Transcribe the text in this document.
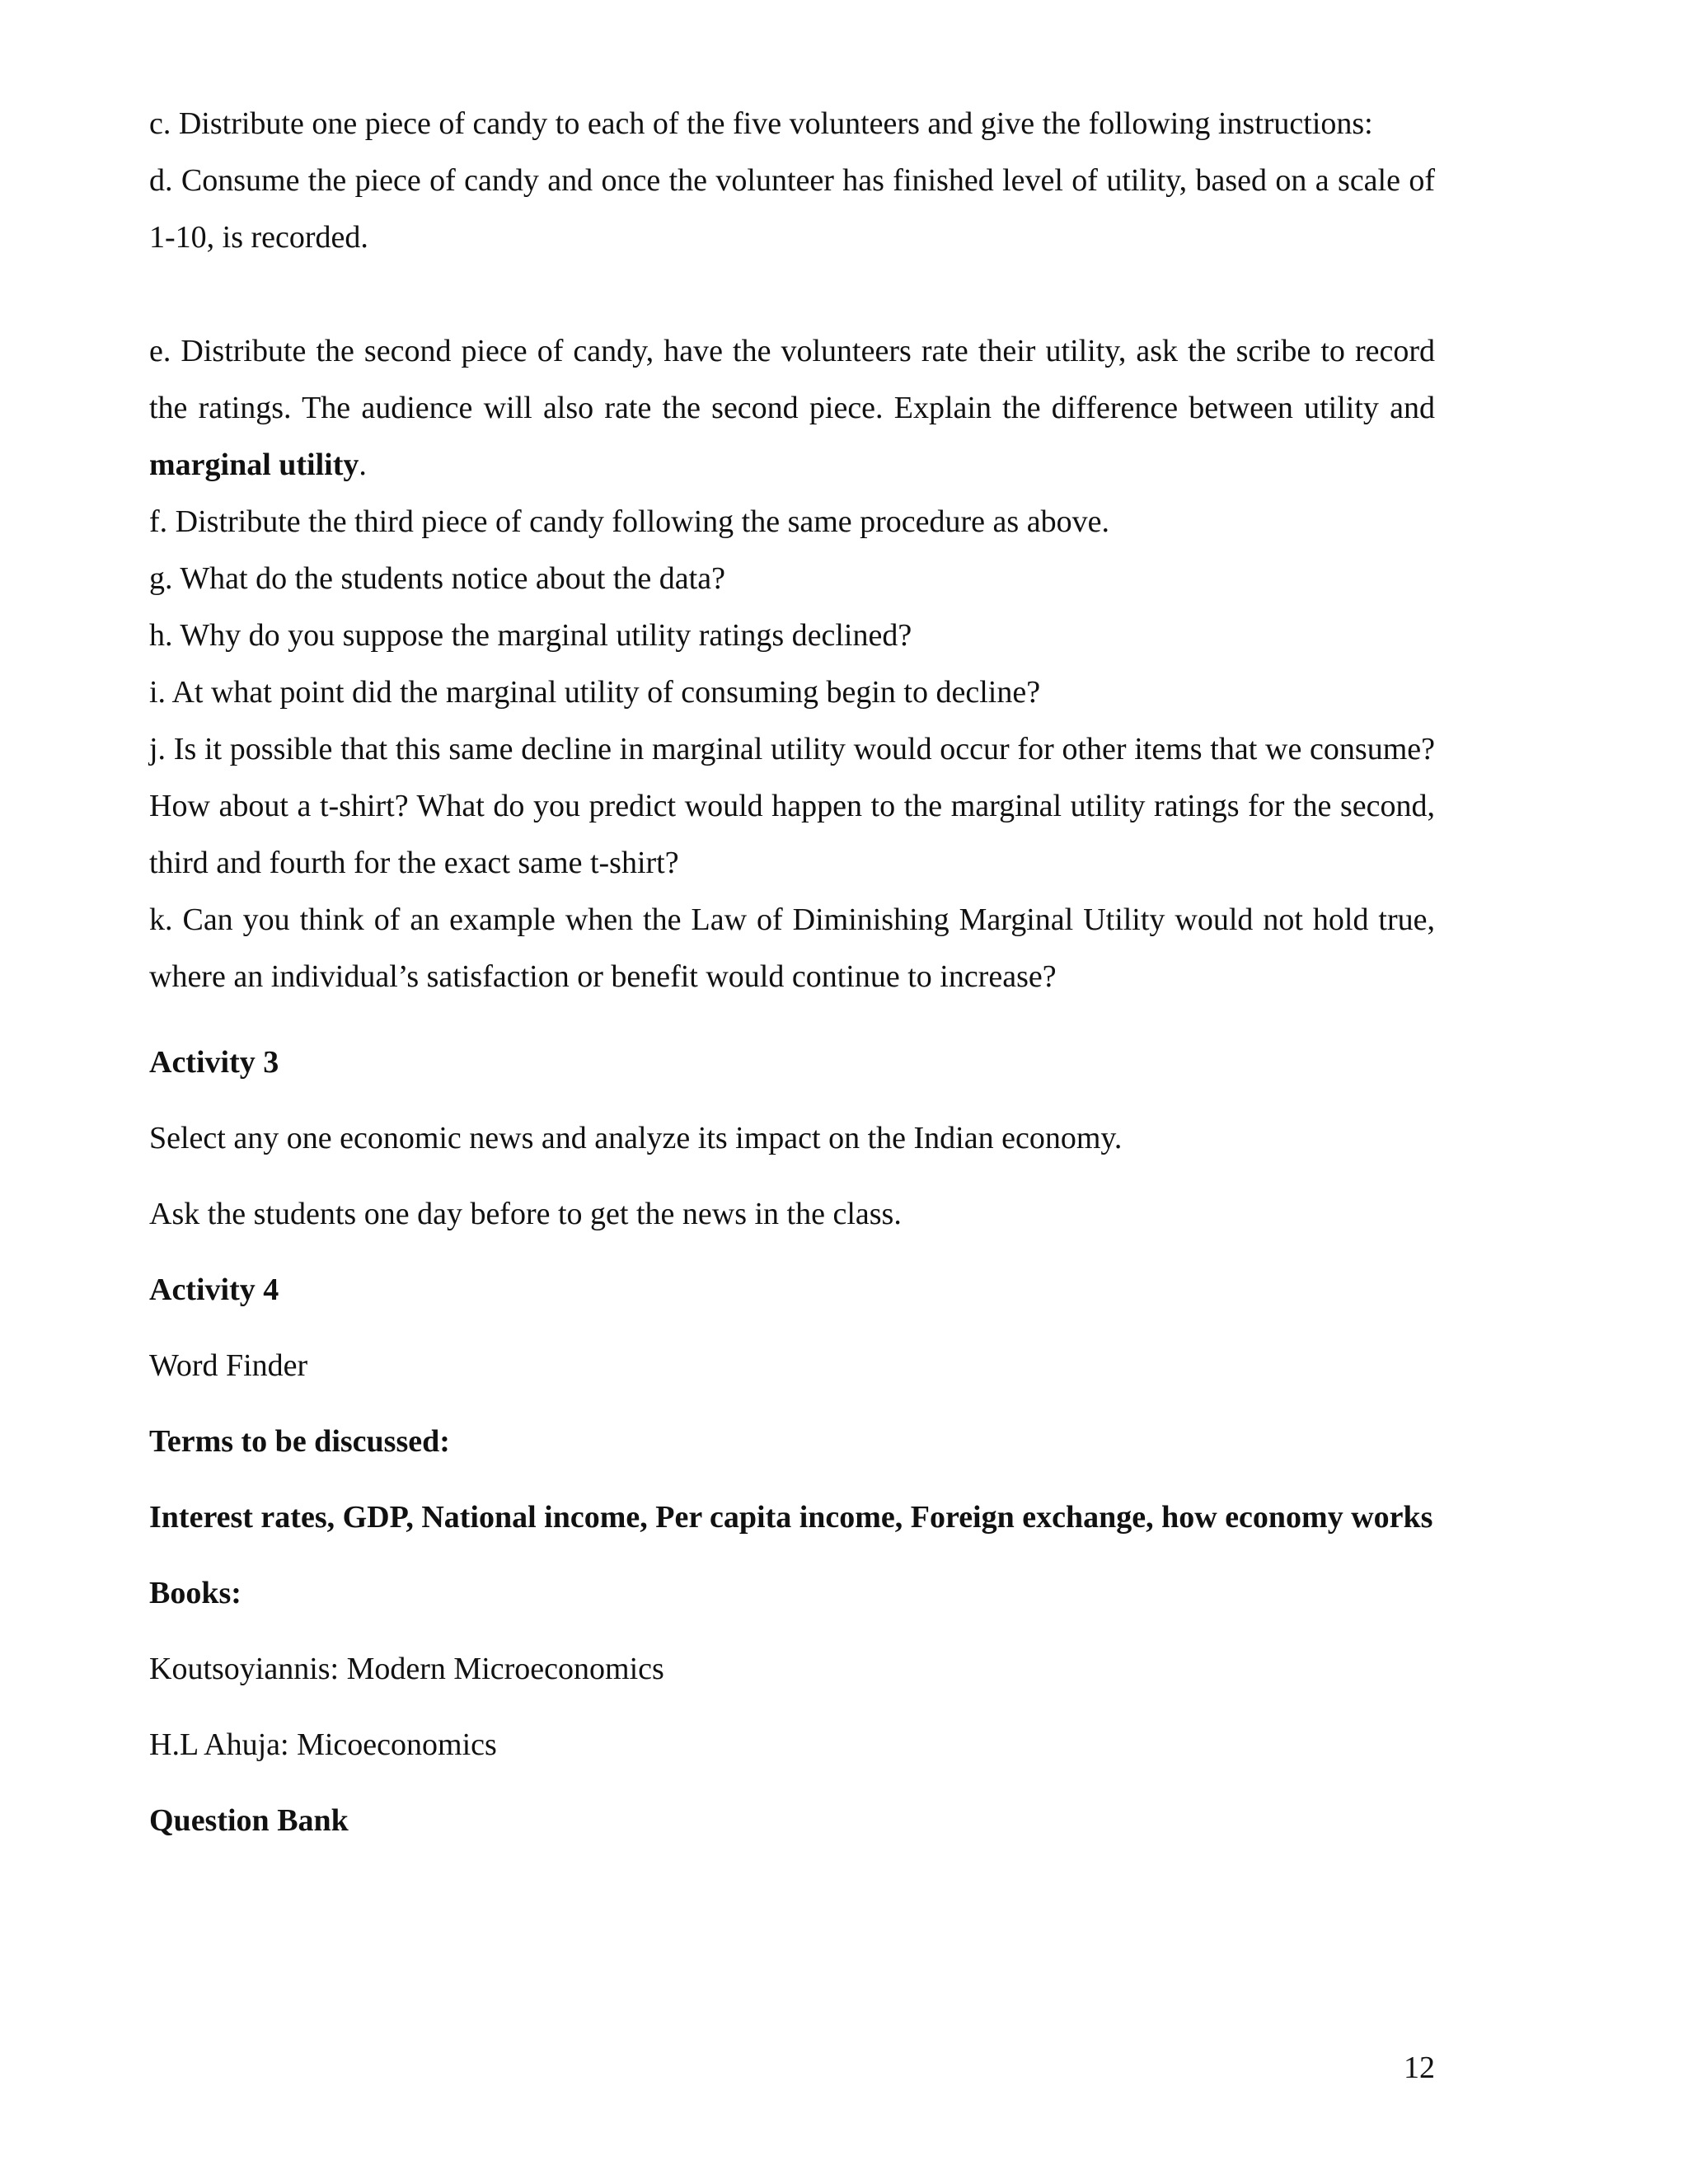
c. Distribute one piece of candy to each of the five volunteers and give the following instructions:

d. Consume the piece of candy and once the volunteer has finished level of utility, based on a scale of 1-10, is recorded.

e. Distribute the second piece of candy, have the volunteers rate their utility, ask the scribe to record the ratings. The audience will also rate the second piece. Explain the difference between utility and marginal utility.

f. Distribute the third piece of candy following the same procedure as above.

g. What do the students notice about the data?

h. Why do you suppose the marginal utility ratings declined?

i. At what point did the marginal utility of consuming begin to decline?

j. Is it possible that this same decline in marginal utility would occur for other items that we consume? How about a t-shirt? What do you predict would happen to the marginal utility ratings for the second, third and fourth for the exact same t-shirt?

k. Can you think of an example when the Law of Diminishing Marginal Utility would not hold true, where an individual’s satisfaction or benefit would continue to increase?

Activity 3

Select any one economic news and analyze its impact on the Indian economy.

Ask the students one day before to get the news in the class.

Activity 4

Word Finder

Terms to be discussed:

Interest rates, GDP, National income, Per capita income, Foreign exchange, how economy works

Books:

Koutsoyiannis: Modern Microeconomics

H.L Ahuja: Micoeconomics

Question Bank

12
